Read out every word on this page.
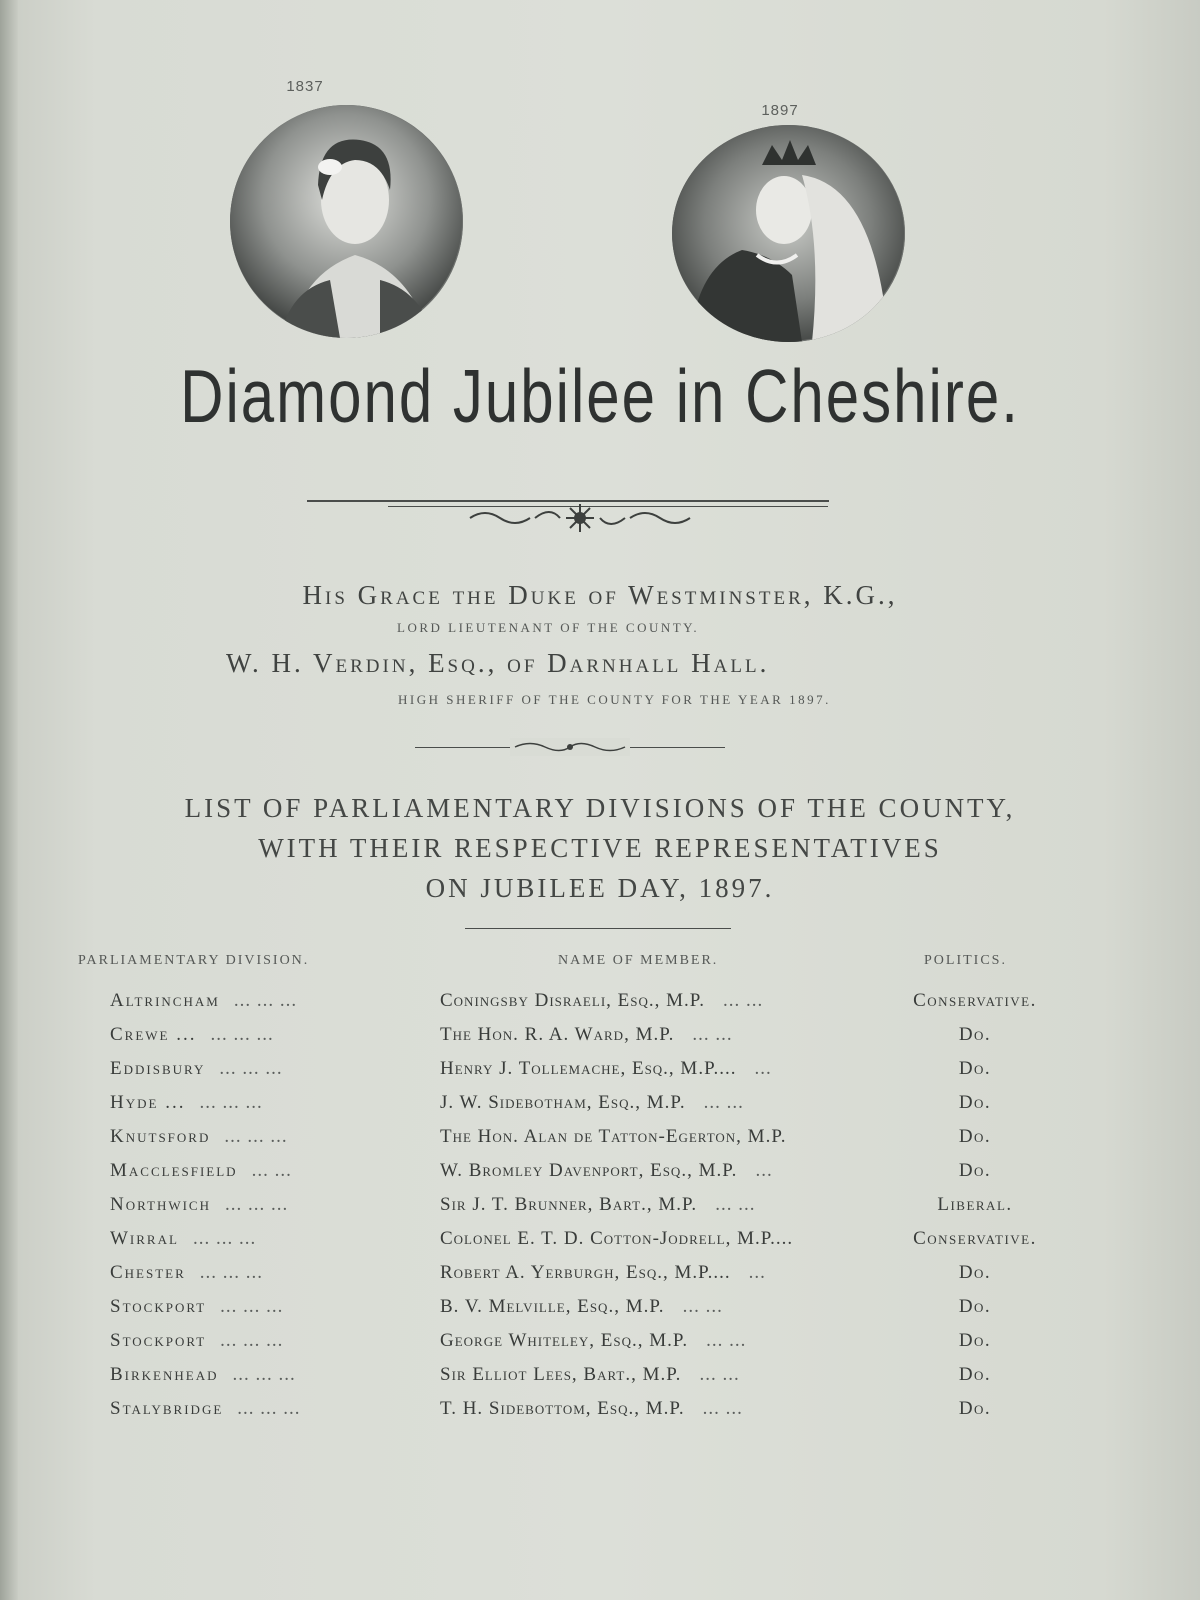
1837
1897
Diamond Jubilee in Cheshire.
His Grace the Duke of Westminster, K.G.,
LORD LIEUTENANT OF THE COUNTY.
W. H. Verdin, Esq., of Darnhall Hall.
HIGH SHERIFF OF THE COUNTY FOR THE YEAR 1897.
LIST OF PARLIAMENTARY DIVISIONS OF THE COUNTY,
WITH THEIR RESPECTIVE REPRESENTATIVES
ON JUBILEE DAY, 1897.
PARLIAMENTARY DIVISION.	NAME OF MEMBER.	POLITICS.
Altrincham ... ... ...	Coningsby Disraeli, Esq., M.P. ... ...	Conservative.
Crewe ... ... ... ...	The Hon. R. A. Ward, M.P. ... ...	Do.
Eddisbury ... ... ...	Henry J. Tollemache, Esq., M.P.... ...	Do.
Hyde ... ... ... ...	J. W. Sidebotham, Esq., M.P. ... ...	Do.
Knutsford ... ... ...	The Hon. Alan de Tatton-Egerton, M.P.	Do.
Macclesfield ... ...	W. Bromley Davenport, Esq., M.P. ...	Do.
Northwich ... ... ...	Sir J. T. Brunner, Bart., M.P. ... ...	Liberal.
Wirral ... ... ...	Colonel E. T. D. Cotton-Jodrell, M.P....	Conservative.
Chester ... ... ...	Robert A. Yerburgh, Esq., M.P.... ...	Do.
Stockport ... ... ...	B. V. Melville, Esq., M.P. ... ...	Do.
Stockport ... ... ...	George Whiteley, Esq., M.P. ... ...	Do.
Birkenhead ... ... ...	Sir Elliot Lees, Bart., M.P. ... ...	Do.
Stalybridge ... ... ...	T. H. Sidebottom, Esq., M.P. ... ...	Do.
